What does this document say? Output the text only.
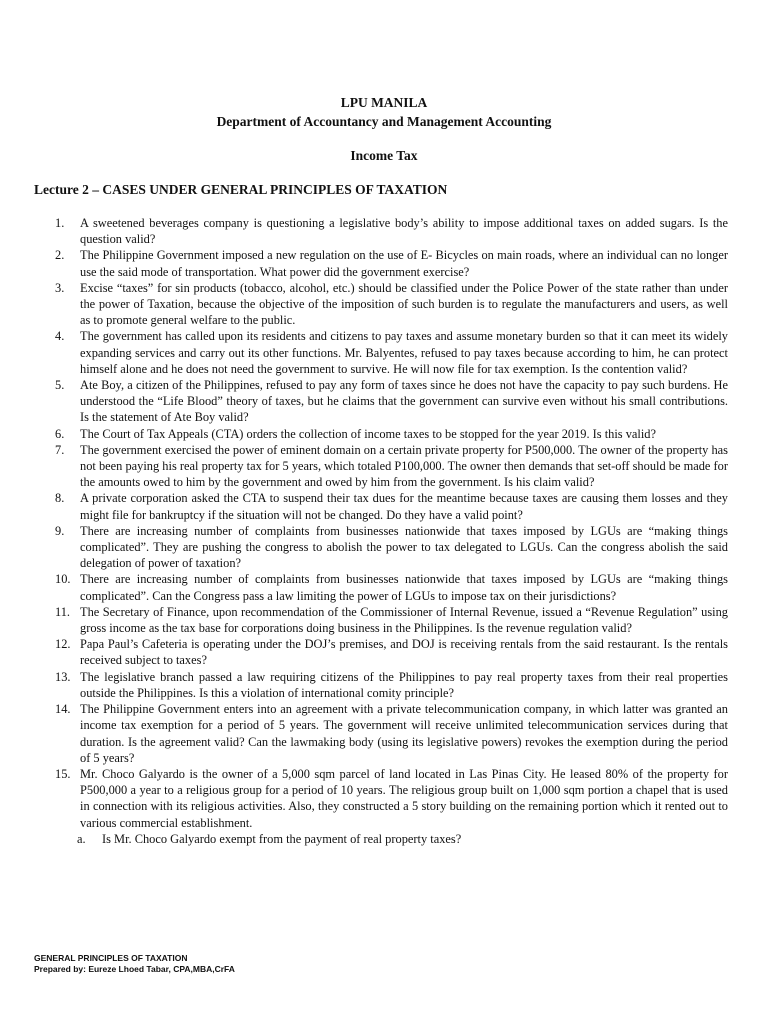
LPU MANILA
Department of Accountancy and Management Accounting
Income Tax
Lecture 2 – CASES UNDER GENERAL PRINCIPLES OF TAXATION
1. A sweetened beverages company is questioning a legislative body’s ability to impose additional taxes on added sugars. Is the question valid?
2. The Philippine Government imposed a new regulation on the use of E- Bicycles on main roads, where an individual can no longer use the said mode of transportation. What power did the government exercise?
3. Excise “taxes” for sin products (tobacco, alcohol, etc.) should be classified under the Police Power of the state rather than under the power of Taxation, because the objective of the imposition of such burden is to regulate the manufacturers and users, as well as to promote general welfare to the public.
4. The government has called upon its residents and citizens to pay taxes and assume monetary burden so that it can meet its widely expanding services and carry out its other functions. Mr. Balyentes, refused to pay taxes because according to him, he can protect himself alone and he does not need the government to survive. He will now file for tax exemption. Is the contention valid?
5. Ate Boy, a citizen of the Philippines, refused to pay any form of taxes since he does not have the capacity to pay such burdens. He understood the “Life Blood” theory of taxes, but he claims that the government can survive even without his small contributions. Is the statement of Ate Boy valid?
6. The Court of Tax Appeals (CTA) orders the collection of income taxes to be stopped for the year 2019. Is this valid?
7. The government exercised the power of eminent domain on a certain private property for P500,000. The owner of the property has not been paying his real property tax for 5 years, which totaled P100,000. The owner then demands that set-off should be made for the amounts owed to him by the government and owed by him from the government. Is his claim valid?
8. A private corporation asked the CTA to suspend their tax dues for the meantime because taxes are causing them losses and they might file for bankruptcy if the situation will not be changed. Do they have a valid point?
9. There are increasing number of complaints from businesses nationwide that taxes imposed by LGUs are “making things complicated”. They are pushing the congress to abolish the power to tax delegated to LGUs. Can the congress abolish the said delegation of power of taxation?
10. There are increasing number of complaints from businesses nationwide that taxes imposed by LGUs are “making things complicated”. Can the Congress pass a law limiting the power of LGUs to impose tax on their jurisdictions?
11. The Secretary of Finance, upon recommendation of the Commissioner of Internal Revenue, issued a “Revenue Regulation” using gross income as the tax base for corporations doing business in the Philippines. Is the revenue regulation valid?
12. Papa Paul’s Cafeteria is operating under the DOJ’s premises, and DOJ is receiving rentals from the said restaurant. Is the rentals received subject to taxes?
13. The legislative branch passed a law requiring citizens of the Philippines to pay real property taxes from their real properties outside the Philippines. Is this a violation of international comity principle?
14. The Philippine Government enters into an agreement with a private telecommunication company, in which latter was granted an income tax exemption for a period of 5 years. The government will receive unlimited telecommunication services during that duration. Is the agreement valid? Can the lawmaking body (using its legislative powers) revokes the exemption during the period of 5 years?
15. Mr. Choco Galyardo is the owner of a 5,000 sqm parcel of land located in Las Pinas City. He leased 80% of the property for P500,000 a year to a religious group for a period of 10 years. The religious group built on 1,000 sqm portion a chapel that is used in connection with its religious activities. Also, they constructed a 5 story building on the remaining portion which it rented out to various commercial establishment.
a. Is Mr. Choco Galyardo exempt from the payment of real property taxes?
GENERAL PRINCIPLES OF TAXATION
Prepared by: Eureze Lhoed Tabar, CPA,MBA,CrFA
